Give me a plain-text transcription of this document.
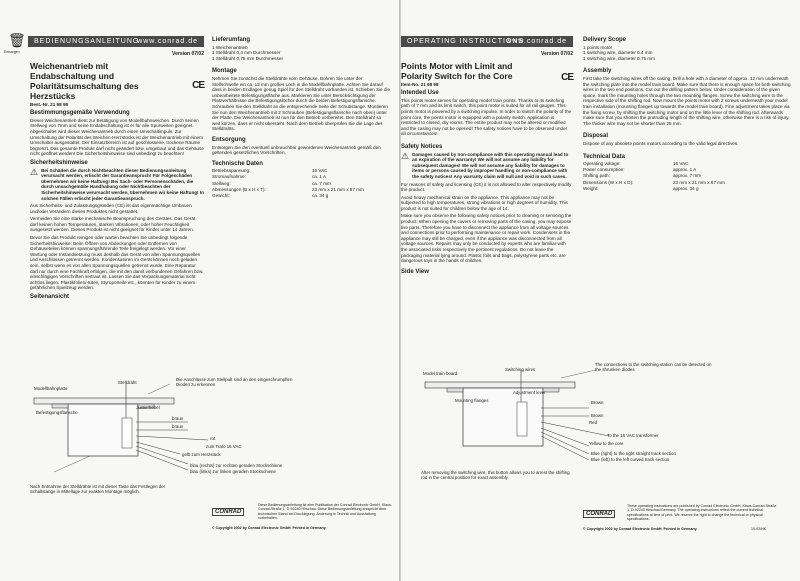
🗑
Entsorgen
BEDIENUNGSANLEITUNG
www.conrad.de
Version 07/02
Weichenantrieb mit Endabschaltung und Polaritätsumschaltung des Herzstücks
CE
Best.-Nr. 21 98 98
Bestimmungsgemäße Verwendung

Dieser Weichenantrieb dient zur Betätigung von Modellbahnweichen. Durch seinen Stellweg von 7mm und seine Endabschaltung ist er für alle Spurweiten geeignet. Abgeschaltet wird dieser Weichenantrieb durch einen Umschaltimpuls. Zur Umschaltung der Polarität des Weichen-Herzstücks ist der Weichenantrieb mit einem Umschalter ausgestattet. Der Einsatzbereich ist auf geschlossene, trockene Räume begrenzt. Das gesamte Produkt darf nicht geändert bzw. umgebaut und das Gehäuse nicht geöffnet werden! Die Sicherheitshinweise sind unbedingt zu beachten!

Sicherheitshinweise
⚠ Bei Schäden die durch Nichtbeachten dieser Bedienungsanleitung verursacht werden, erlischt der Garantieanspruch! Für Folgeschäden übernehmen wir keine Haftung! Bei Sach- oder Personenschäden, die durch unsachgemäße Handhabung oder Nichtbeachten der Sicherheitshinweise verursacht werden, übernehmen wir keine Haftung! In solchen Fällen erlischt jeder Garantieanspruch.

Aus Sicherheits- und Zulassungsgründen (CE) ist das eigenmächtige Umbauen und/oder Verändern dieses Produktes nicht gestattet.

Vermeiden Sie eine starke mechanische Beanspruchung des Gerätes. Das Gerät darf keinen hohen Temperaturen, starken Vibrationen, oder hoher Feuchtigkeit ausgesetzt werden. Dieses Produkt ist nicht geeignet für Kinder unter 14 Jahren.

Bevor Sie das Produkt reinigen oder warten beachten Sie unbedingt folgende Sicherheitshinweise: Beim Öffnen von Abdeckungen oder Entfernen von Gehäuseteilen können spannungsführende Teile freigelegt werden. Vor einer Wartung oder Instandsetzung muss deshalb das Gerät von allen Spannungsquellen und Anschlüssen getrennt werden. Kondensatoren im Gerät können noch geladen sein, selbst wenn es von allen Spannungsquellen getrennt wurde. Eine Reparatur darf nur durch eine Fachkraft erfolgen, die mit den damit verbundenen Gefahren bzw. einschlägigen Vorschriften vertraut ist. Lassen Sie das Verpackungsmaterial nicht achtlos liegen. Plastikfolien/-tüten, Styroporteile etc., könnten für Kinder zu einem gefährlichen Spielzeug werden.

Seitenansicht
Lieferumfang
1 Weichenantrieb
1 Stelldraht 0,4 mm Durchmesser
1 Stelldraht 0,75 mm Durchmesser
Montage

Nehmen Sie zunächst die Stelldrähte vom Gehäuse. Bohren Sie unter der Stellschwelle ein ca. 12 mm großes Loch in die Modellbahnplatte. Achten Sie darauf dass in beiden Endlagen genug Spiel für den Stelldraht vorhanden ist. Schieben Sie die unbearbeitete Befestigungsfläche aus. Markieren Sie unter Berücksichtigung der Platzverhältnisse die Befestigungslöcher durch die beiden Befestigungsflansche. Schrauben Sie den Stelldraht an die entsprechende Seite der Schubstange. Montieren Sie nun den Weichenantrieb mit 2 Schrauben (Befestigungsflansche nach oben) unter der Platte. Die Weichenantrieb ist nun für den Betrieb vorbereitet. Den Stelldraht so weit kürzen, dass er nicht übersteht. Nach dem Betrieb überprüfen Sie die Lage des Stelldrahts.

Entsorgung

Entsorgen Sie den eventuell unbrauchbar gewordenen Weichenantrieb gemäß den geltenden gesetzlichen Vorschriften.

Technische Daten
Betriebsspannung:	16 VAC
Stromaufnahme:	ca. 1 A
Stellweg:	ca. 7 mm
Abmessungen (B x H x T):	23 mm x 21 mm x 67 mm
Gewicht:	ca. 34 g
Modellbahnplatte
Stelldraht
Justierhebel
Befestigungsflansche
Die Anschlüsse zum Stellpult sind an den eingeschrumpften Dioden zu erkennen
braun
braun
rot
zum Trafo 16 VAC
gelb zum Herzstück
blau (rechts) zur rechten geraden Stockschiene
blau (links) zur linken geraden Stockschiene
Nach Entnahme der Stelldrähte ist mit dieser Taste das Festlegen der Schaltstange in Mittellage zur exakten Montage möglich.
CONRAD
Diese Bedienungsanleitung ist eine Publikation der Conrad Electronic GmbH, Klaus-Conrad-Straße 1, D-92240 Hirschau. Diese Bedienungsanleitung entspricht dem technischen Stand bei Drucklegung. Änderung in Technik und Ausstattung vorbehalten.
© Copyright 2002 by Conrad Electronic GmbH. Printed in Germany.
OPERATING INSTRUCTIONS
www.conrad.de
Version 07/02
Points Motor with Limit and Polarity Switch for the Core	CE
Item-No. 21 98 98
Intended Use

This points motor serves for operating model train points. Thanks to its switching path of 7 mm and its limit switch, this point motor is suited for all rail gauges. This points motor is powered by a switching impulse. In order to switch the polarity of the point core, the points motor is equipped with a polarity switch. Application is restricted to closed, dry rooms. The entire product may not be altered or modified and the casing may not be opened! The safety notices have to be observed under all circumstances!

Safety Notices
⚠ Damages caused by non-compliance with this operating manual lead to an expiration of the warranty! We will not assume any liability for subsequent damages! We will not assume any liability for damages to items or persons caused by improper handling or non-compliance with the safety notices! Any warranty claim will null and void in such cases.

For reasons of safety and licensing (CE) it is not allowed to alter respectively modify the product.

Avoid heavy mechanical strain on the appliance. This appliance may not be subjected to high temperatures, strong vibrations or high degrees of humidity. This product is not suited for children below the age of 14.

Make sure you observe the following safety notices prior to cleaning or servicing the product: When opening the covers or removing parts of the casing, you may expose live parts. Therefore you have to disconnect the appliance from all voltage sources and connections prior to performing maintenance or repair work. Condensers in the appliance may still be charged, even if the appliance was disconnected from all voltage sources. Repairs may only be conducted by experts who are familiar with the associated risks respectively the pertinent regulations. Do not leave the packaging material lying around. Plastic foils and bags, polystyrene parts etc. are dangerous toys in the hands of children.

Side View
Delivery Scope
1 points motor
1 switching wire, diameter 0.4 mm
1 switching wire, diameter 0.75 mm
Assembly

First take the switching wires off the casing. Drill a hole with a diameter of approx. 12 mm underneath the switching plate into the model train board. Make sure that there is enough space for both switching wires in the two end positions. Cut out the drilling pattern below. Under consideration of the given space, mark the mounting holes through the two mounting flanges. Screw the switching wire to the respective side of the shifting rod. Now mount the points motor with 2 screws underneath your model train installation (mounting flanges up towards the model train board). Fine adjustment takes place via the fixing screw, by shifting the switching motor and on the little lever of the shifting rod. Afterwards make sure that you shorten the protruding length of the shifting wire, otherwise there is a risk of injury. The thicker wire may not be shorter than 25 mm.

Disposal

Dispose of any obsolete points motors according to the valid legal directives.

Technical Data
Operating voltage:	16 VAC
Power consumption:	approx. 1 A
Shifting path:	approx. 7 mm
Dimensions (W x H x D):	23 mm x 21 mm x 67 mm
Weight:	approx. 34 g
Model train board
Switching wires
The connections to the switching station can be detected on the shrunken diodes
Adjustment lever
Mounting flanges	Brown
Brown
Red
To the 16 VAC transformer
Yellow to the core
Blue (right) to the right straight track section
Blue (left) to the left curved track section
After removing the switching wire, this button allows you to arrest the shifting rod in the central position for exact assembly.
CONRAD
These operating instructions are published by Conrad Electronic GmbH, Klaus-Conrad-Straße 1, D-92240 Hirschau/Germany. The operating instructions reflect the current technical specifications at time of print. We reserve the right to change the technical or physical specifications.
© Copyright 2002 by Conrad Electronic GmbH. Printed in Germany.	10-02/HK
